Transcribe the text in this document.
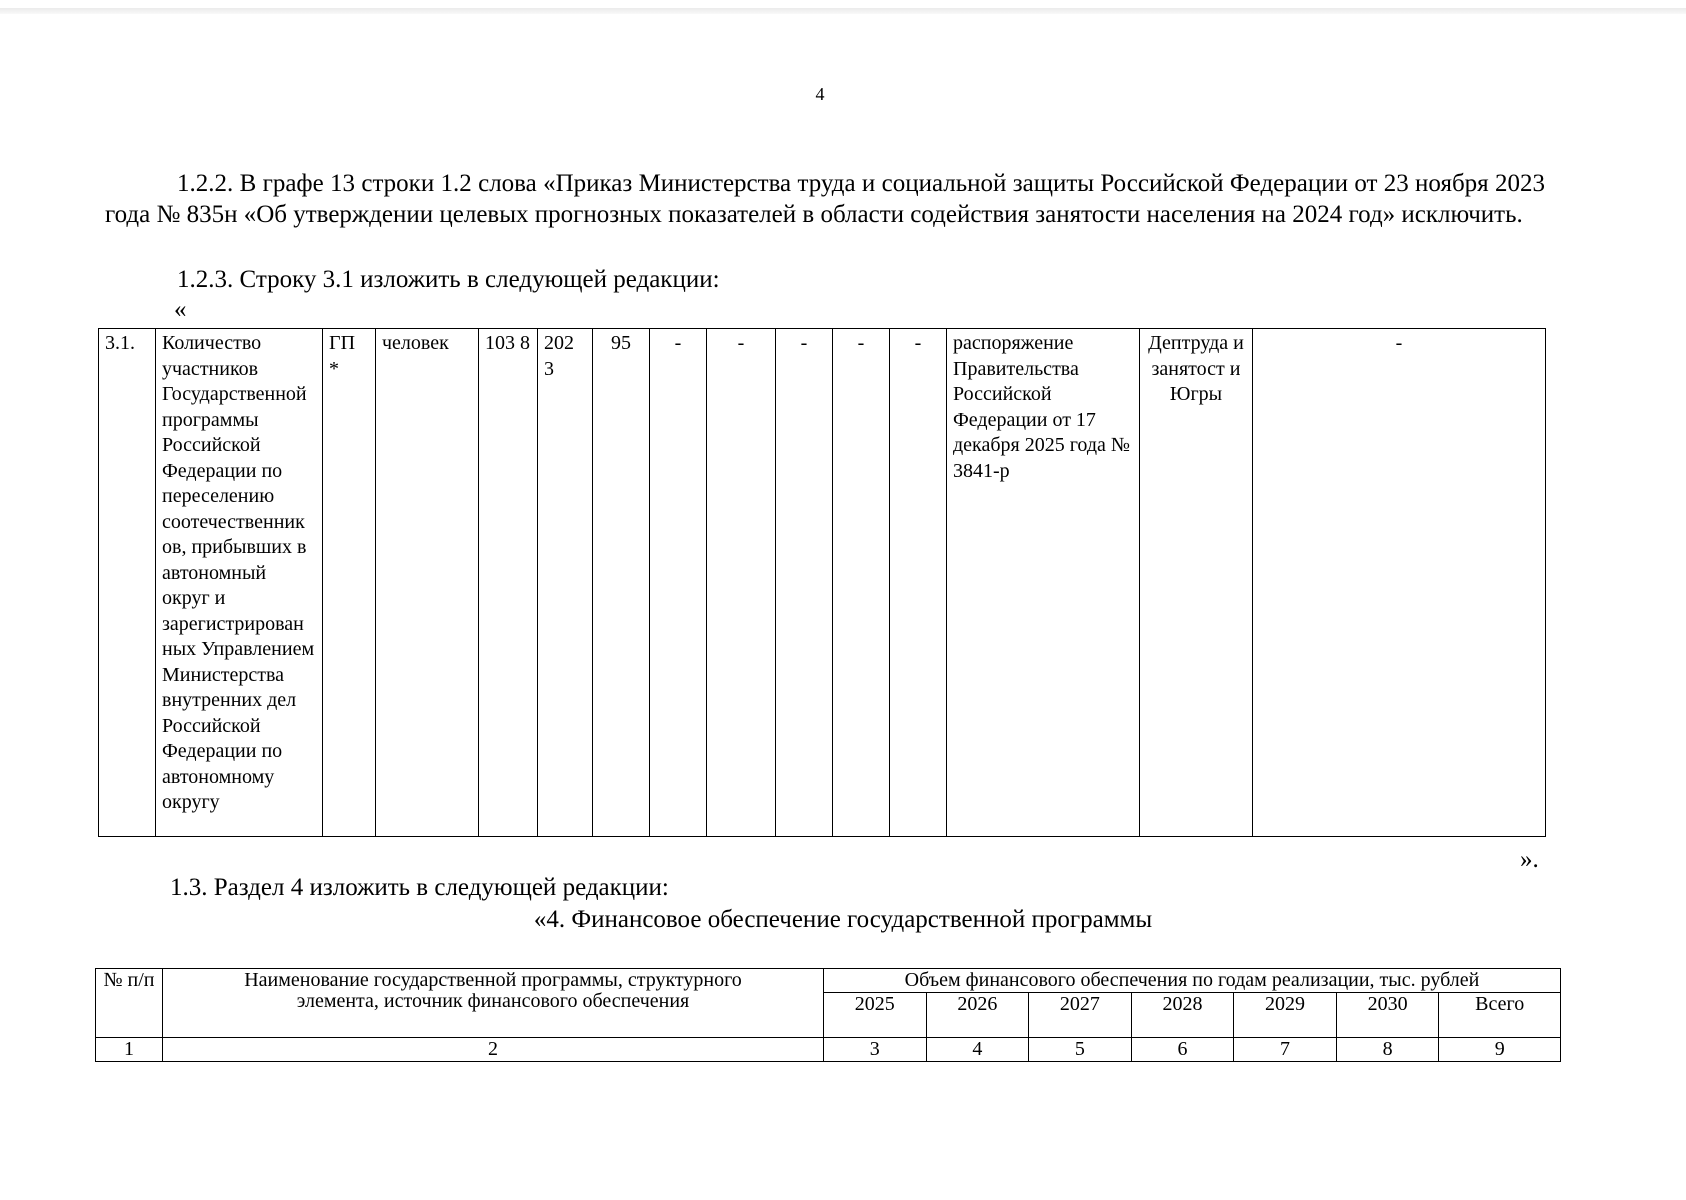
4
1.2.2. В графе 13 строки 1.2 слова «Приказ Министерства труда и социальной защиты Российской Федерации от 23 ноября 2023 года № 835н «Об утверждении целевых прогнозных показателей в области содействия занятости населения на 2024 год» исключить.
1.2.3. Строку 3.1 изложить в следующей редакции:
«
3.1.	Количество участников Государственной программы Российской Федерации по переселению соотечественник ов, прибывших в автономный округ и зарегистрирован ных Управлением Министерства внутренних дел Российской Федерации по автономному округу	ГП *	человек	103 8	202 3	95	-	-	-	-	-	распоряжение Правительства Российской Федерации от 17 декабря 2025 года № 3841-р	Дептруда и занятост и Югры	-
».
1.3. Раздел 4 изложить в следующей редакции:
«4. Финансовое обеспечение государственной программы
№ п/п	Наименование государственной программы, структурного элемента, источник финансового обеспечения	Объем финансового обеспечения по годам реализации, тыс. рублей						
		2025	2026	2027	2028	2029	2030	Всего
1	2	3	4	5	6	7	8	9
